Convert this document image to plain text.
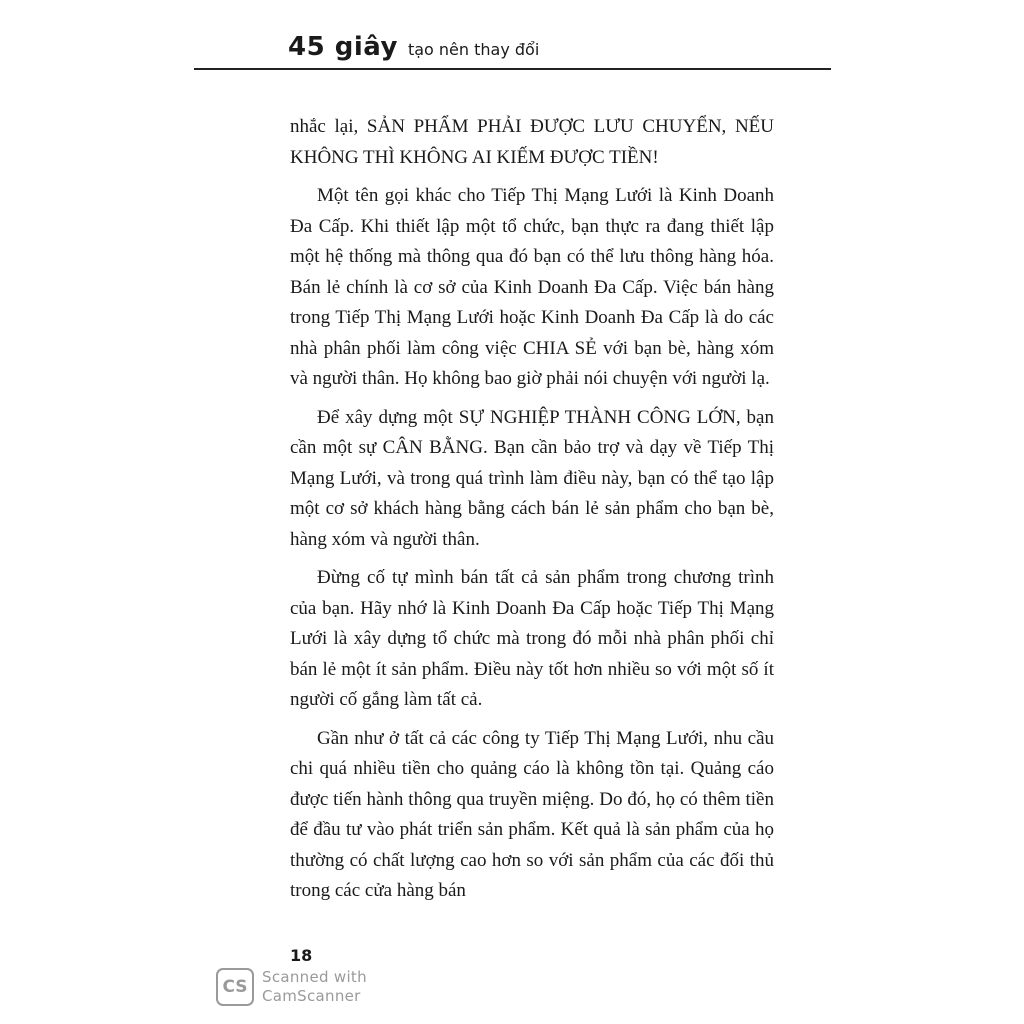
45 giây tạo nên thay đổi

nhắc lại, SẢN PHẨM PHẢI ĐƯỢC LƯU CHUYỂN, NẾU KHÔNG THÌ KHÔNG AI KIẾM ĐƯỢC TIỀN!

Một tên gọi khác cho Tiếp Thị Mạng Lưới là Kinh Doanh Đa Cấp. Khi thiết lập một tổ chức, bạn thực ra đang thiết lập một hệ thống mà thông qua đó bạn có thể lưu thông hàng hóa. Bán lẻ chính là cơ sở của Kinh Doanh Đa Cấp. Việc bán hàng trong Tiếp Thị Mạng Lưới hoặc Kinh Doanh Đa Cấp là do các nhà phân phối làm công việc CHIA SẺ với bạn bè, hàng xóm và người thân. Họ không bao giờ phải nói chuyện với người lạ.

Để xây dựng một SỰ NGHIỆP THÀNH CÔNG LỚN, bạn cần một sự CÂN BẰNG. Bạn cần bảo trợ và dạy về Tiếp Thị Mạng Lưới, và trong quá trình làm điều này, bạn có thể tạo lập một cơ sở khách hàng bằng cách bán lẻ sản phẩm cho bạn bè, hàng xóm và người thân.

Đừng cố tự mình bán tất cả sản phẩm trong chương trình của bạn. Hãy nhớ là Kinh Doanh Đa Cấp hoặc Tiếp Thị Mạng Lưới là xây dựng tổ chức mà trong đó mỗi nhà phân phối chỉ bán lẻ một ít sản phẩm. Điều này tốt hơn nhiều so với một số ít người cố gắng làm tất cả.

Gần như ở tất cả các công ty Tiếp Thị Mạng Lưới, nhu cầu chi quá nhiều tiền cho quảng cáo là không tồn tại. Quảng cáo được tiến hành thông qua truyền miệng. Do đó, họ có thêm tiền để đầu tư vào phát triển sản phẩm. Kết quả là sản phẩm của họ thường có chất lượng cao hơn so với sản phẩm của các đối thủ trong các cửa hàng bán

18
CS Scanned with
CamScanner
